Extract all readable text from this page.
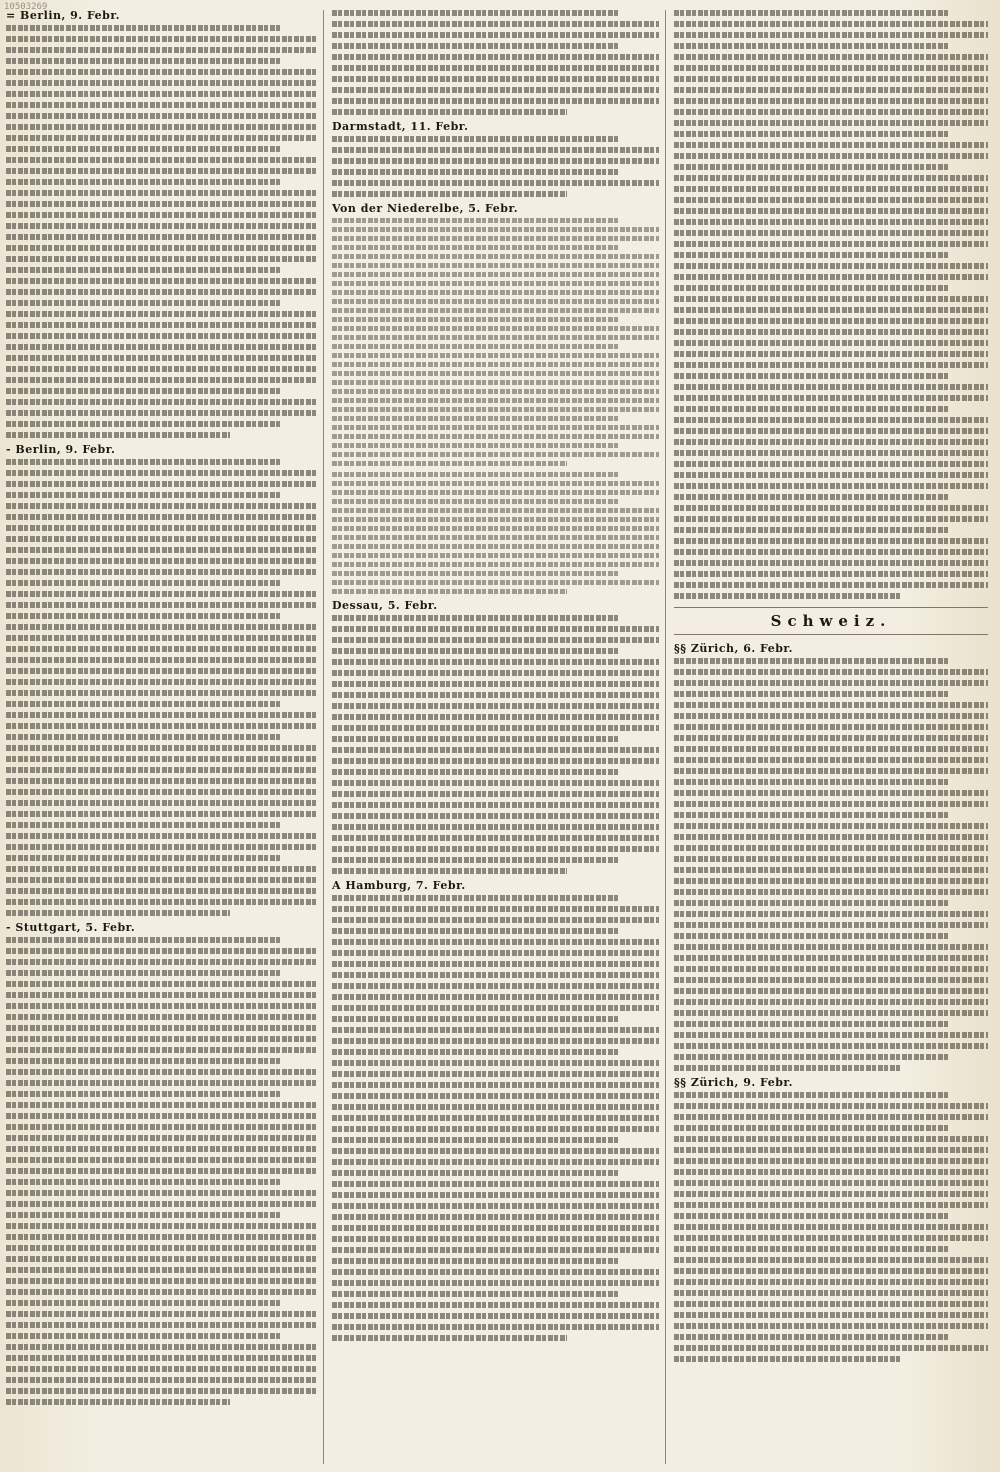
10503269
= Berlin, 9. Febr.
- Berlin, 9. Febr.
- Stuttgart, 5. Febr.
Darmstadt, 11. Febr.
Von der Niederelbe, 5. Febr.
Dessau, 5. Febr.
A Hamburg, 7. Febr.
Schweiz.
§§ Zürich, 6. Febr.
§§ Zürich, 9. Febr.
